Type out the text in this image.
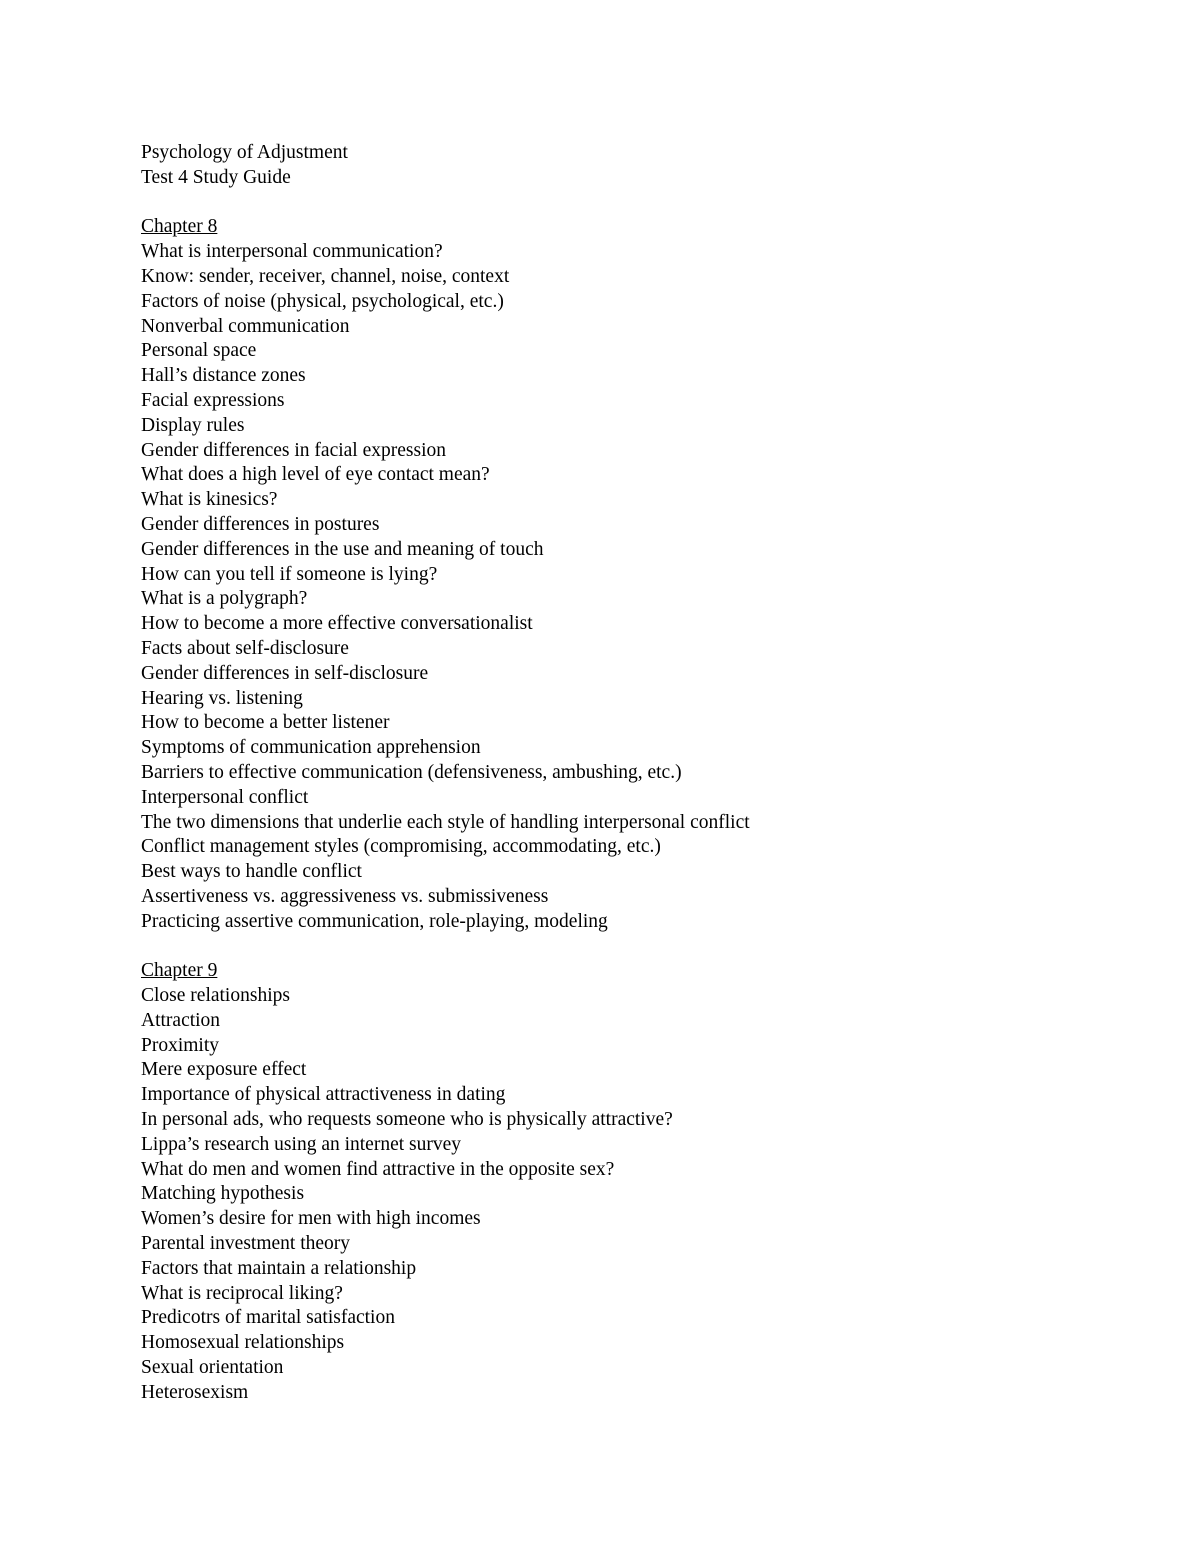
Psychology of Adjustment
Test 4 Study Guide
Chapter 8
What is interpersonal communication?
Know: sender, receiver, channel, noise, context
Factors of noise (physical, psychological, etc.)
Nonverbal communication
Personal space
Hall’s distance zones
Facial expressions
Display rules
Gender differences in facial expression
What does a high level of eye contact mean?
What is kinesics?
Gender differences in postures
Gender differences in the use and meaning of touch
How can you tell if someone is lying?
What is a polygraph?
How to become a more effective conversationalist
Facts about self-disclosure
Gender differences in self-disclosure
Hearing vs. listening
How to become a better listener
Symptoms of communication apprehension
Barriers to effective communication (defensiveness, ambushing, etc.)
Interpersonal conflict
The two dimensions that underlie each style of handling interpersonal conflict
Conflict management styles (compromising, accommodating, etc.)
Best ways to handle conflict
Assertiveness vs. aggressiveness vs. submissiveness
Practicing assertive communication, role-playing, modeling
Chapter 9
Close relationships
Attraction
Proximity
Mere exposure effect
Importance of physical attractiveness in dating
In personal ads, who requests someone who is physically attractive?
Lippa’s research using an internet survey
What do men and women find attractive in the opposite sex?
Matching hypothesis
Women’s desire for men with high incomes
Parental investment theory
Factors that maintain a relationship
What is reciprocal liking?
Predicotrs of marital satisfaction
Homosexual relationships
Sexual orientation
Heterosexism
